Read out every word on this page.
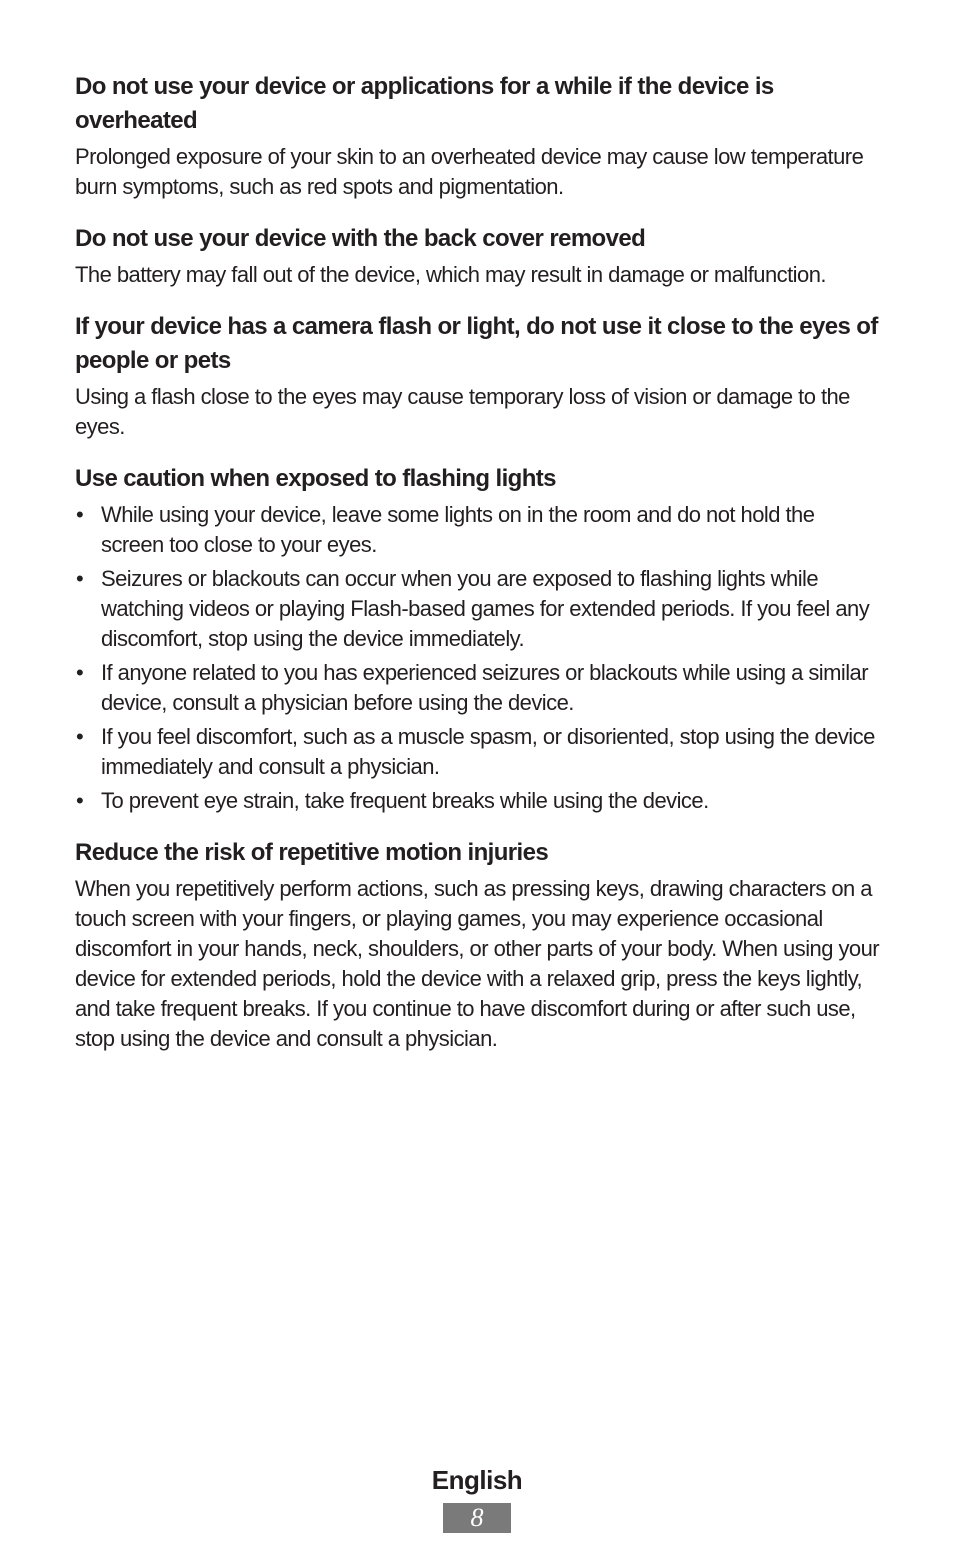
Do not use your device or applications for a while if the device is overheated

Prolonged exposure of your skin to an overheated device may cause low temperature burn symptoms, such as red spots and pigmentation.

Do not use your device with the back cover removed

The battery may fall out of the device, which may result in damage or malfunction.

If your device has a camera flash or light, do not use it close to the eyes of people or pets

Using a flash close to the eyes may cause temporary loss of vision or damage to the eyes.

Use caution when exposed to flashing lights
• While using your device, leave some lights on in the room and do not hold the screen too close to your eyes.
• Seizures or blackouts can occur when you are exposed to flashing lights while watching videos or playing Flash-based games for extended periods. If you feel any discomfort, stop using the device immediately.
• If anyone related to you has experienced seizures or blackouts while using a similar device, consult a physician before using the device.
• If you feel discomfort, such as a muscle spasm, or disoriented, stop using the device immediately and consult a physician.
• To prevent eye strain, take frequent breaks while using the device.
Reduce the risk of repetitive motion injuries

When you repetitively perform actions, such as pressing keys, drawing characters on a touch screen with your fingers, or playing games, you may experience occasional discomfort in your hands, neck, shoulders, or other parts of your body. When using your device for extended periods, hold the device with a relaxed grip, press the keys lightly, and take frequent breaks. If you continue to have discomfort during or after such use, stop using the device and consult a physician.

English
8
